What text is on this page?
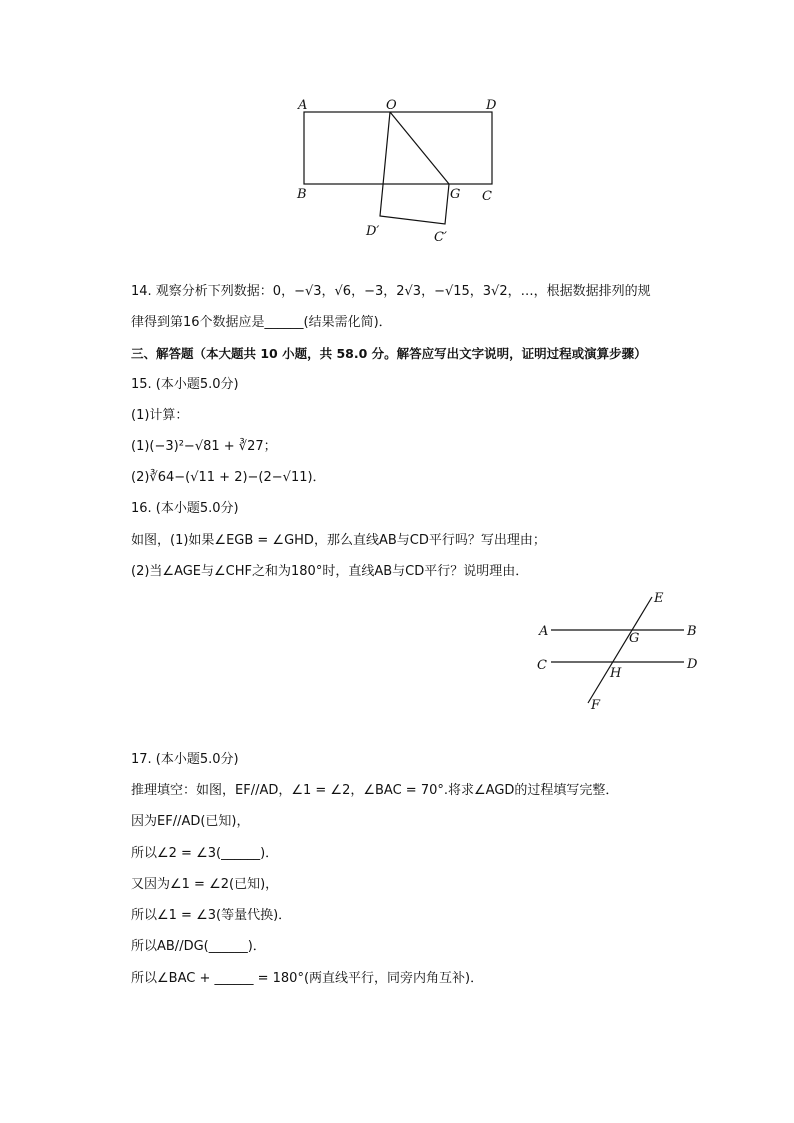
A	O	D
B	G C
D′	C′
14. 观察分析下列数据：0，−√3，√6，−3，2√3，−√15，3√2，…，根据数据排列的规
律得到第16个数据应是______(结果需化简)．
三、解答题（本大题共 10 小题，共 58.0 分。解答应写出文字说明，证明过程或演算步骤）
15. (本小题5.0分)
(1)计算：
(1)(−3)²−√81 + ∛27；
(2)∛64−(√11 + 2)−(2−√11)．
16. (本小题5.0分)
如图，(1)如果∠EGB = ∠GHD，那么直线AB与CD平行吗？写出理由；
(2)当∠AGE与∠CHF之和为180°时，直线AB与CD平行？说明理由．
E
A	G	B
C
H
D
F
17. (本小题5.0分)
推理填空：如图，EF//AD，∠1 = ∠2，∠BAC = 70°.将求∠AGD的过程填写完整．
因为EF//AD(已知)，
所以∠2 = ∠3(______)．
又因为∠1 = ∠2(已知)，
所以∠1 = ∠3(等量代换)．
所以AB//DG(______)．
所以∠BAC + ______ = 180°(两直线平行，同旁内角互补)．
